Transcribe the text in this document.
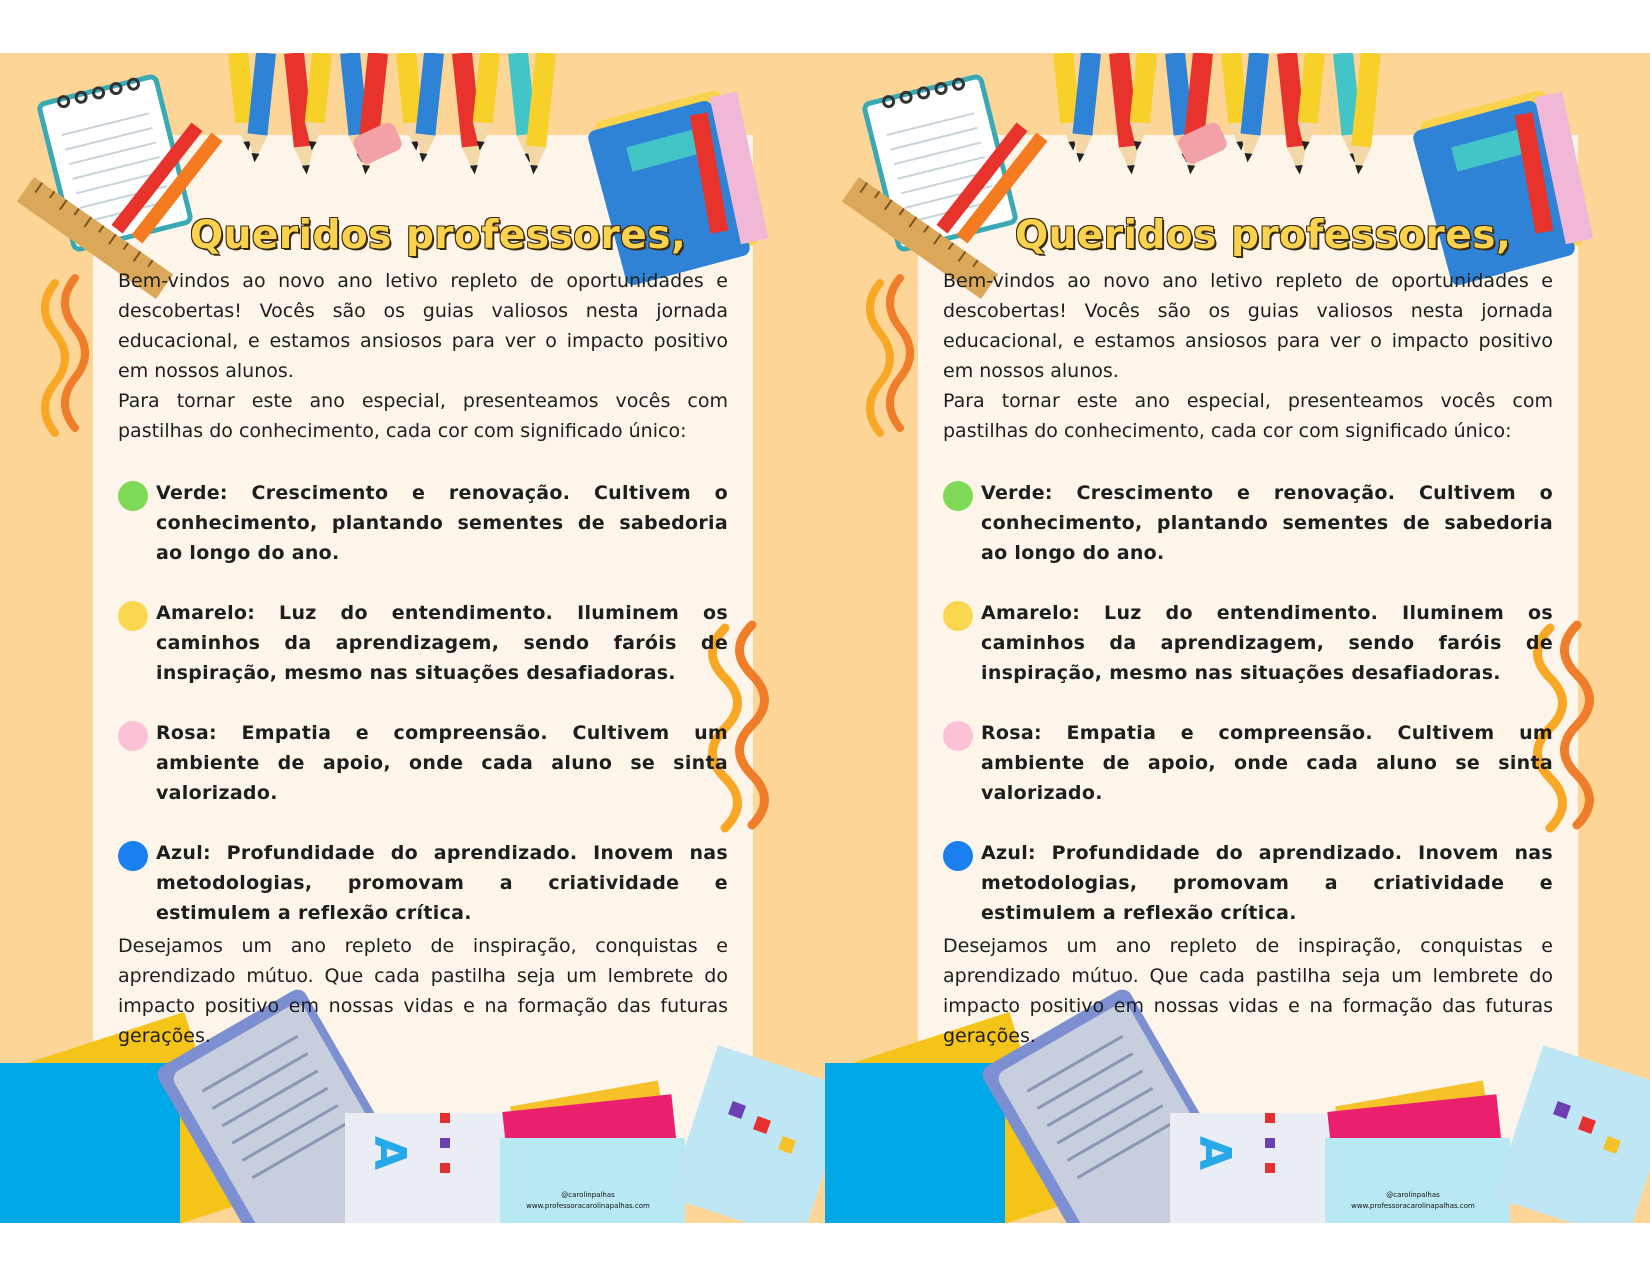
A
Queridos professores,

Bem-vindos ao novo ano letivo repleto de oportunidades e descobertas! Vocês são os guias valiosos nesta jornada educacional, e estamos ansiosos para ver o impacto positivo em nossos alunos.

Para tornar este ano especial, presenteamos vocês com pastilhas do conhecimento, cada cor com significado único:

Verde: Crescimento e renovação. Cultivem o conhecimento, plantando sementes de sabedoria ao longo do ano.
Amarelo: Luz do entendimento. Iluminem os caminhos da aprendizagem, sendo faróis de inspiração, mesmo nas situações desafiadoras.
Rosa: Empatia e compreensão. Cultivem um ambiente de apoio, onde cada aluno se sinta valorizado.
Azul: Profundidade do aprendizado. Inovem nas metodologias, promovam a criatividade e estimulem a reflexão crítica.

Desejamos um ano repleto de inspiração, conquistas e aprendizado mútuo. Que cada pastilha seja um lembrete do impacto positivo em nossas vidas e na formação das futuras gerações.

@carolinpalhas
www.professoracarolinapalhas.com
A
Queridos professores,

Bem-vindos ao novo ano letivo repleto de oportunidades e descobertas! Vocês são os guias valiosos nesta jornada educacional, e estamos ansiosos para ver o impacto positivo em nossos alunos.

Para tornar este ano especial, presenteamos vocês com pastilhas do conhecimento, cada cor com significado único:

Verde: Crescimento e renovação. Cultivem o conhecimento, plantando sementes de sabedoria ao longo do ano.
Amarelo: Luz do entendimento. Iluminem os caminhos da aprendizagem, sendo faróis de inspiração, mesmo nas situações desafiadoras.
Rosa: Empatia e compreensão. Cultivem um ambiente de apoio, onde cada aluno se sinta valorizado.
Azul: Profundidade do aprendizado. Inovem nas metodologias, promovam a criatividade e estimulem a reflexão crítica.

Desejamos um ano repleto de inspiração, conquistas e aprendizado mútuo. Que cada pastilha seja um lembrete do impacto positivo em nossas vidas e na formação das futuras gerações.

@carolinpalhas
www.professoracarolinapalhas.com
